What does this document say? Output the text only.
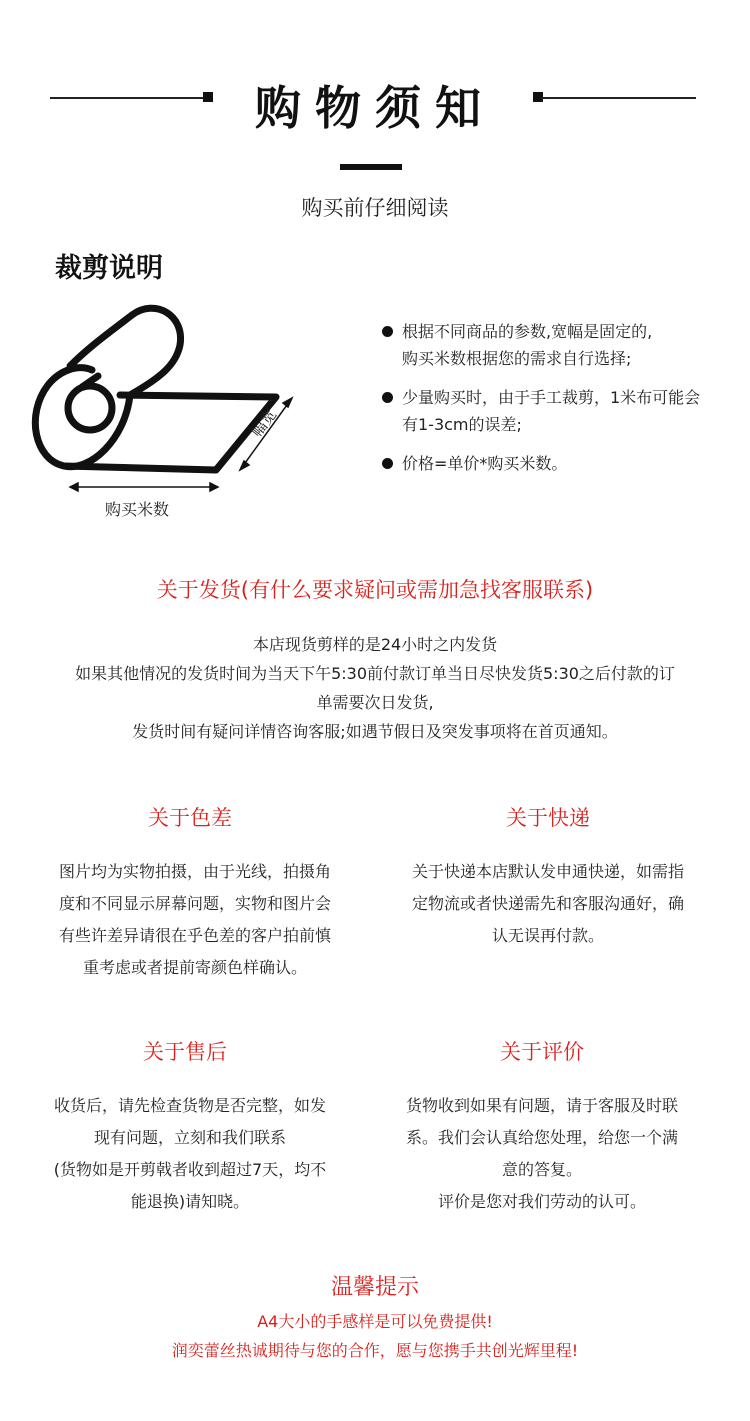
购物须知
购买前仔细阅读
裁剪说明
幅宽
购买米数
根据不同商品的参数,宽幅是固定的,
购买米数根据您的需求自行选择;
少量购买时，由于手工裁剪，1米布可能会
有1-3cm的误差;
价格=单价*购买米数。
关于发货(有什么要求疑问或需加急找客服联系)
本店现货剪样的是24小时之内发货
如果其他情况的发货时间为当天下午5:30前付款订单当日尽快发货5:30之后付款的订
单需要次日发货,
发货时间有疑问详情咨询客服;如遇节假日及突发事项将在首页通知。
关于色差
图片均为实物拍摄，由于光线，拍摄角
度和不同显示屏幕问题，实物和图片会
有些许差异请很在乎色差的客户拍前慎
重考虑或者提前寄颜色样确认。
关于快递
关于快递本店默认发申通快递，如需指
定物流或者快递需先和客服沟通好，确
认无误再付款。
关于售后
收货后，请先检查货物是否完整，如发
现有问题，立刻和我们联系
(货物如是开剪戟者收到超过7天，均不
能退换)请知晓。
关于评价
货物收到如果有问题，请于客服及时联
系。我们会认真给您处理，给您一个满
意的答复。
评价是您对我们劳动的认可。
温馨提示
A4大小的手感样是可以免费提供!
润奕蕾丝热诚期待与您的合作，愿与您携手共创光辉里程!
